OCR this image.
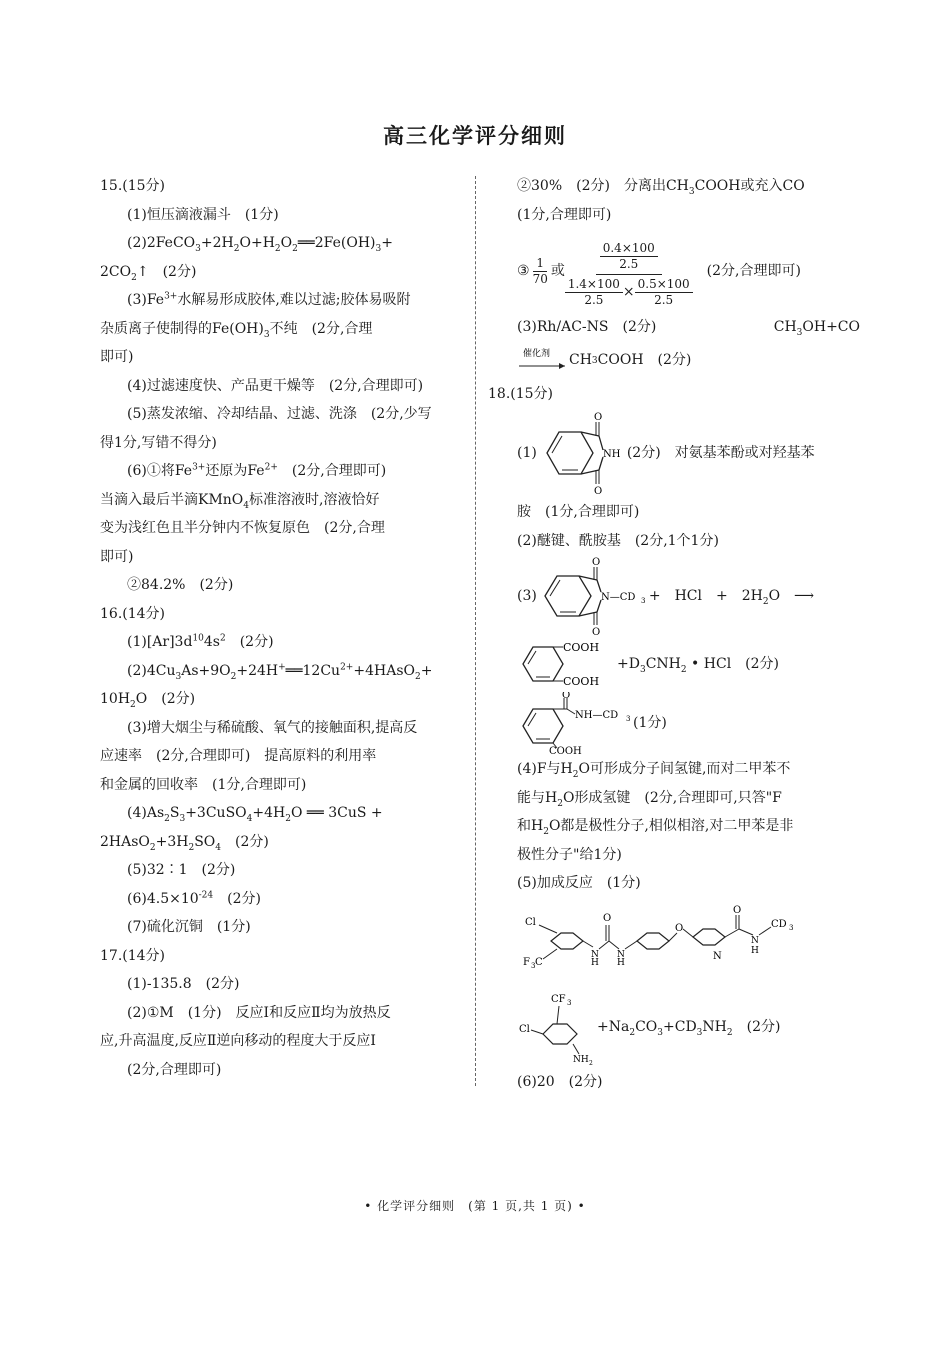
高三化学评分细则

15.(15分)

(1)恒压滴液漏斗　(1分)

$(2)2FeCO_3+2H_2O+H_2O_2══2Fe(OH)_3+$

$2CO_2↑$　(2分)

$(3)Fe^{3+}$水解易形成胶体,难以过滤;胶体易吸附

杂质离子使制得的$Fe(OH)_3$不纯　(2分,合理

即可)

(4)过滤速度快、产品更干燥等　(2分,合理即可)

(5)蒸发浓缩、冷却结晶、过滤、洗涤　(2分,少写

得1分,写错不得分)

(6)①将$Fe^{3+}$还原为$Fe^{2+}$　(2分,合理即可)

当滴入最后半滴KMnO$_4$标准溶液时,溶液恰好

变为浅红色且半分钟内不恢复原色　(2分,合理

即可)

②84.2%　(2分)

16.(14分)

$(1)[Ar]3d^{10}4s^2$　(2分)

$(2)4Cu_3As+9O_2+24H^+══12Cu^{2+}+4HAsO_2+$

$10H_2O$　(2分)

(3)增大烟尘与稀硫酸、氧气的接触面积,提高反

应速率　(2分,合理即可)　提高原料的利用率

和金属的回收率　(1分,合理即可)

$(4)As_2S_3+3CuSO_4+4H_2O$ ══ 3CuS +

$2HAsO_2+3H_2SO_4$　(2分)

(5)32∶1　(2分)

$(6)4.5\times 10^{-24}$　(2分)

(7)硫化沉铜　(1分)

17.(14分)

(1)-135.8　(2分)

(2)①M　(1分)　反应Ⅰ和反应Ⅱ均为放热反

应,升高温度,反应Ⅱ逆向移动的程度大于反应Ⅰ

(2分,合理即可)

②30%　(2分)　分离出$CH_3COOH$或充入CO

(1分,合理即可)

③ $\frac{1}{70}$ 或 $\frac{\frac{0.4\times 100}{2.5}}{\frac{1.4\times 100}{2.5} \times \frac{0.5\times 100}{2.5}} (2$分,合理即可)

(3)Rh/AC-NS　(2分)	$CH_3OH+CO$

催化剂 CH 3 COOH　(2分)

18.(15分)

(1)
O
O
NH (2分)　对氨基苯酚或对羟基苯

胺　(1分,合理即可)

(2)醚键、酰胺基　(2分,1个1分)

(3)
O
O
N—CD 3 +　HCl　+　$2H_2O$　⟶
COOH
COOH
$+D_3CNH_2$ • HCl　(2分)
O
NH—CD 3
COOH
(1分)

(4)F与$H_2O$可形成分子间氢键,而对二甲苯不

能与$H_2O$形成氢键　(2分,合理即可,只答"F

和$H_2O$都是极性分子,相似相溶,对二甲苯是非

极性分子"给1分)

(5)加成反应　(1分)

Cl
F 3 C
N
H
O
N
H
O
N
O
N
H
CD 3
CF 3
Cl
NH 2
$+Na_2CO_3+CD_3NH_2$　(2分)

(6)20　(2分)

• 化学评分细则　(第 1 页,共 1 页) •
